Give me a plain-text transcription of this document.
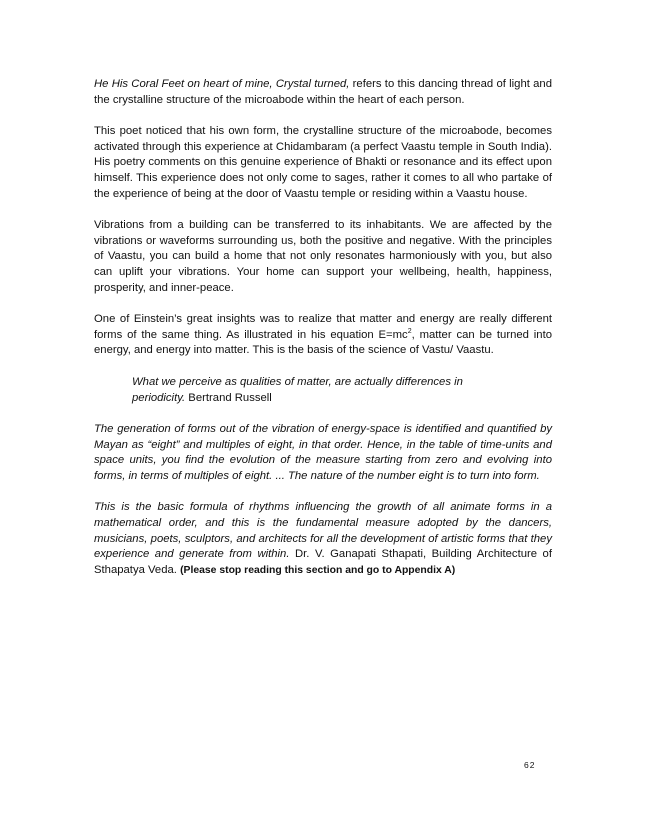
He His Coral Feet on heart of mine, Crystal turned, refers to this dancing thread of light and the crystalline structure of the microabode within the heart of each person.

This poet noticed that his own form, the crystalline structure of the microabode, becomes activated through this experience at Chidambaram (a perfect Vaastu temple in South India). His poetry comments on this genuine experience of Bhakti or resonance and its effect upon himself. This experience does not only come to sages, rather it comes to all who partake of the experience of being at the door of Vaastu temple or residing within a Vaastu house.

Vibrations from a building can be transferred to its inhabitants. We are affected by the vibrations or waveforms surrounding us, both the positive and negative. With the principles of Vaastu, you can build a home that not only resonates harmoniously with you, but also can uplift your vibrations. Your home can support your wellbeing, health, happiness, prosperity, and inner-peace.

One of Einstein’s great insights was to realize that matter and energy are really different forms of the same thing. As illustrated in his equation $E=mc^2$, matter can be turned into energy, and energy into matter. This is the basis of the science of Vastu/ Vaastu.

What we perceive as qualities of matter, are actually differences in periodicity. Bertrand Russell

The generation of forms out of the vibration of energy-space is identified and quantified by Mayan as “eight” and multiples of eight, in that order. Hence, in the table of time-units and space units, you find the evolution of the measure starting from zero and evolving into forms, in terms of multiples of eight. ... The nature of the number eight is to turn into form.

This is the basic formula of rhythms influencing the growth of all animate forms in a mathematical order, and this is the fundamental measure adopted by the dancers, musicians, poets, sculptors, and architects for all the development of artistic forms that they experience and generate from within. Dr. V. Ganapati Sthapati, Building Architecture of Sthapatya Veda. (Please stop reading this section and go to Appendix A)

62
